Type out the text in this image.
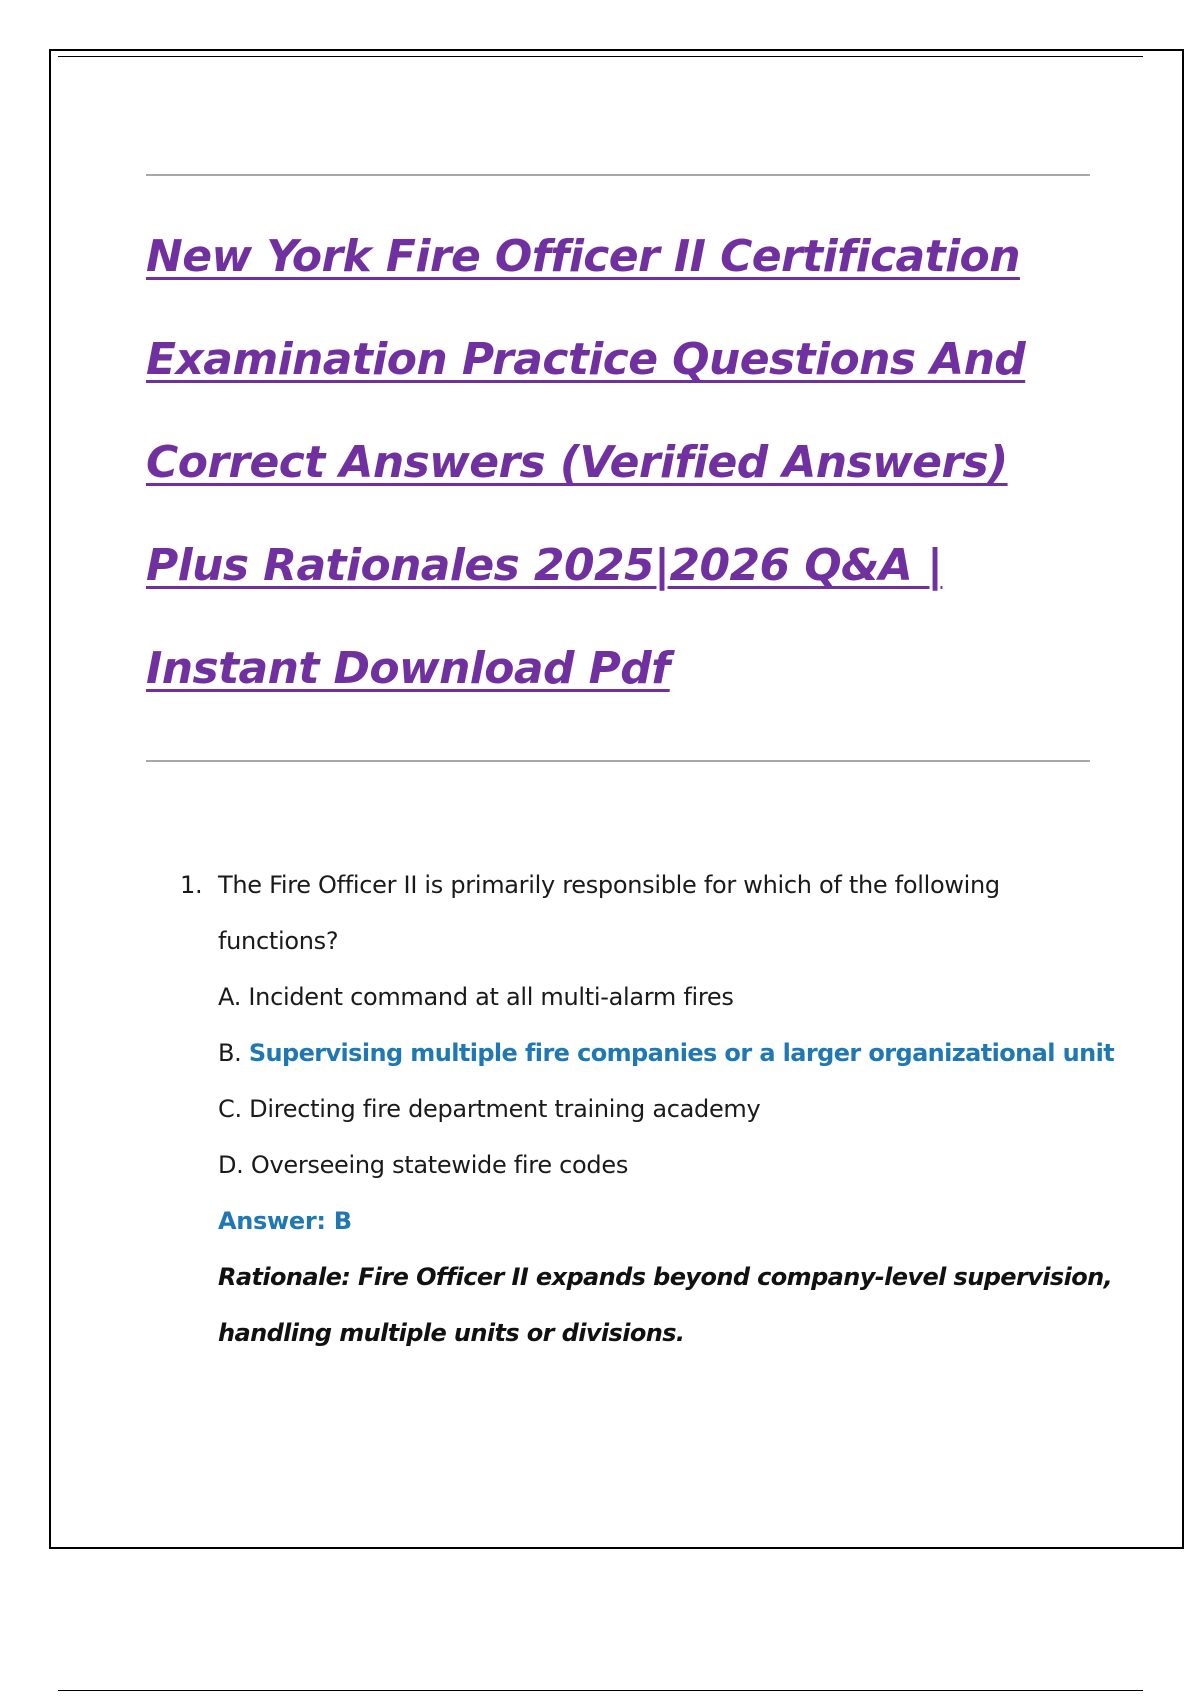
New York Fire Officer II Certification Examination Practice Questions And Correct Answers (Verified Answers) Plus Rationales 2025|2026 Q&A | Instant Download Pdf
1. The Fire Officer II is primarily responsible for which of the following
functions?
A. Incident command at all multi-alarm fires
B. Supervising multiple fire companies or a larger organizational unit
C. Directing fire department training academy
D. Overseeing statewide fire codes
Answer: B
Rationale: Fire Officer II expands beyond company-level supervision,
handling multiple units or divisions.
